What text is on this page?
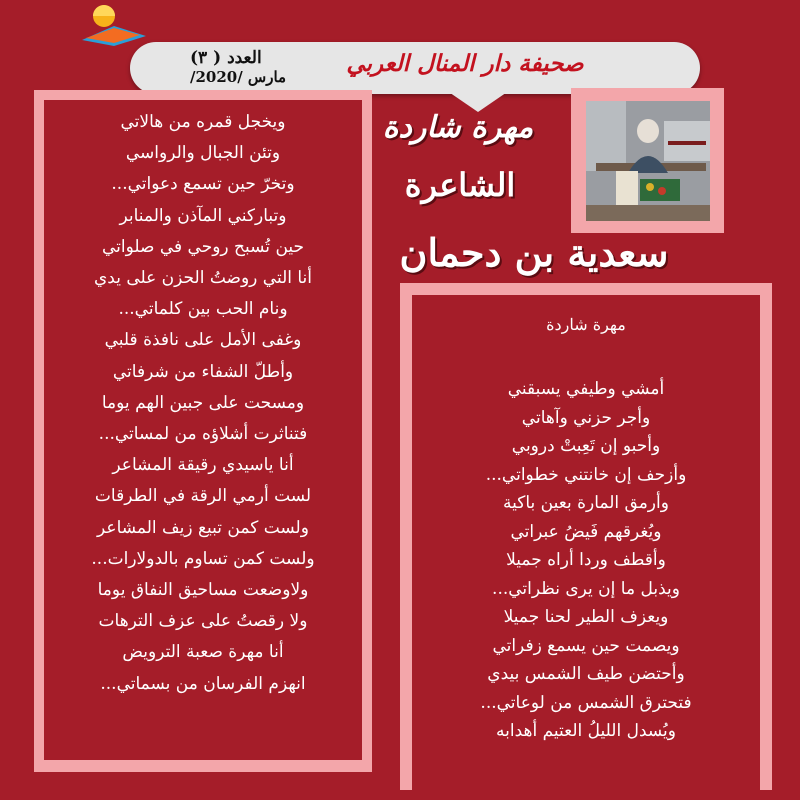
العدد ( ٣)
مارس /2020/	صحيفة دار المنال العربي
ويخجل قمره من هالاتي
وتئن الجبال والرواسي
وتخرّ حين تسمع دعواتي...
وتباركني المآذن والمنابر
حين تُسبح روحي في صلواتي
أنا التي روضتُ الحزن على يدي
ونام الحب بين كلماتي...
وغفى الأمل على نافذة قلبي
وأطلّ الشفاء من شرفاتي
ومسحت على جبين الهم يوما
فتناثرت أشلاؤه من لمساتي...
أنا ياسيدي رقيقة المشاعر
لست أرمي الرقة في الطرقات
ولست كمن تبيع زيف المشاعر
ولست كمن تساوم بالدولارات...
ولاوضعت مساحيق النفاق يوما
ولا رقصتُ على عزف الترهات
أنا مهرة صعبة الترويض
انهزم الفرسان من بسماتي...
مهرة شاردة
الشاعرة
سعدية بن دحمان
مهرة شاردة
أمشي وطيفي يسبقني
وأجر حزني وآهاتي
وأحبو إن تَعِبتْ دروبي
وأزحف إن خانتني خطواتي...
وأرمق المارة بعين باكية
ويُغرقهم فَيضُ عبراتي
وأقطف وردا أراه جميلا
ويذبل ما إن يرى نظراتي...
ويعزف الطير لحنا جميلا
ويصمت حين يسمع زفراتي
وأحتضن طيف الشمس بيدي
فتحترق الشمس من لوعاتي...
ويُسدل الليلُ العتيم أهدابه
